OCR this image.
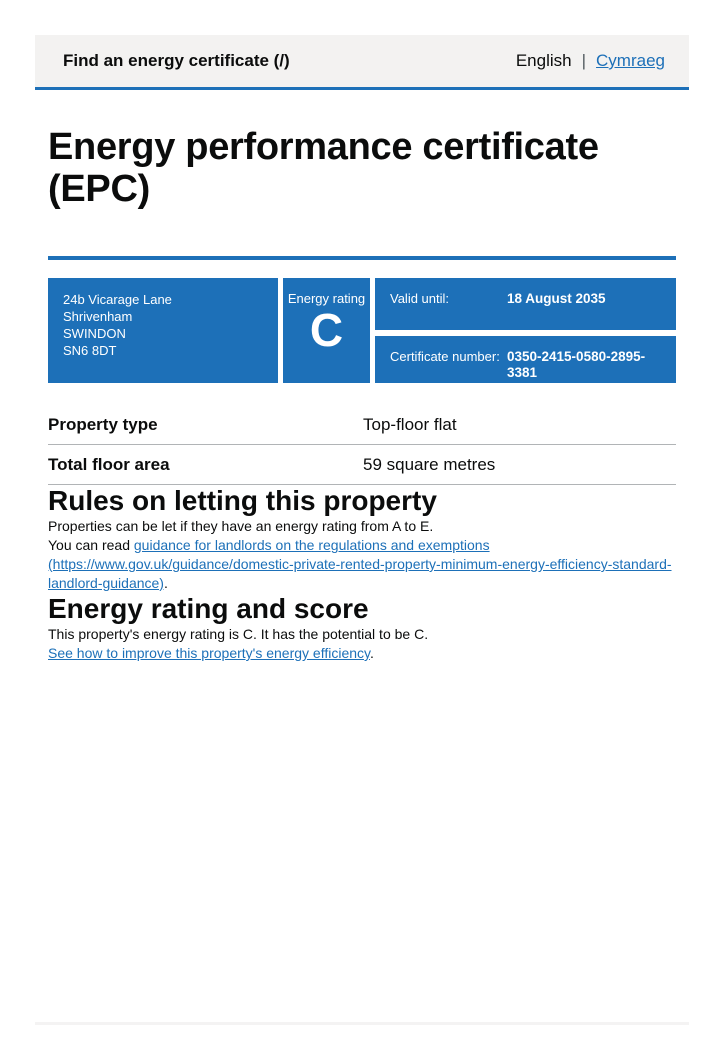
Find an energy certificate (/)	English | Cymraeg
Energy performance certificate (EPC)
24b Vicarage Lane
Shrivenham
SWINDON
SN6 8DT
Energy rating
C
Valid until:	18 August 2035
Certificate number: 0350-2415-0580-2895-3381
Property type	Top-floor flat
Total floor area	59 square metres
Rules on letting this property

Properties can be let if they have an energy rating from A to E.

You can read guidance for landlords on the regulations and exemptions (https://www.gov.uk/guidance/domestic-private-rented-property-minimum-energy-efficiency-standard-landlord-guidance).

Energy rating and score

This property's energy rating is C. It has the potential to be C.

See how to improve this property's energy efficiency.
